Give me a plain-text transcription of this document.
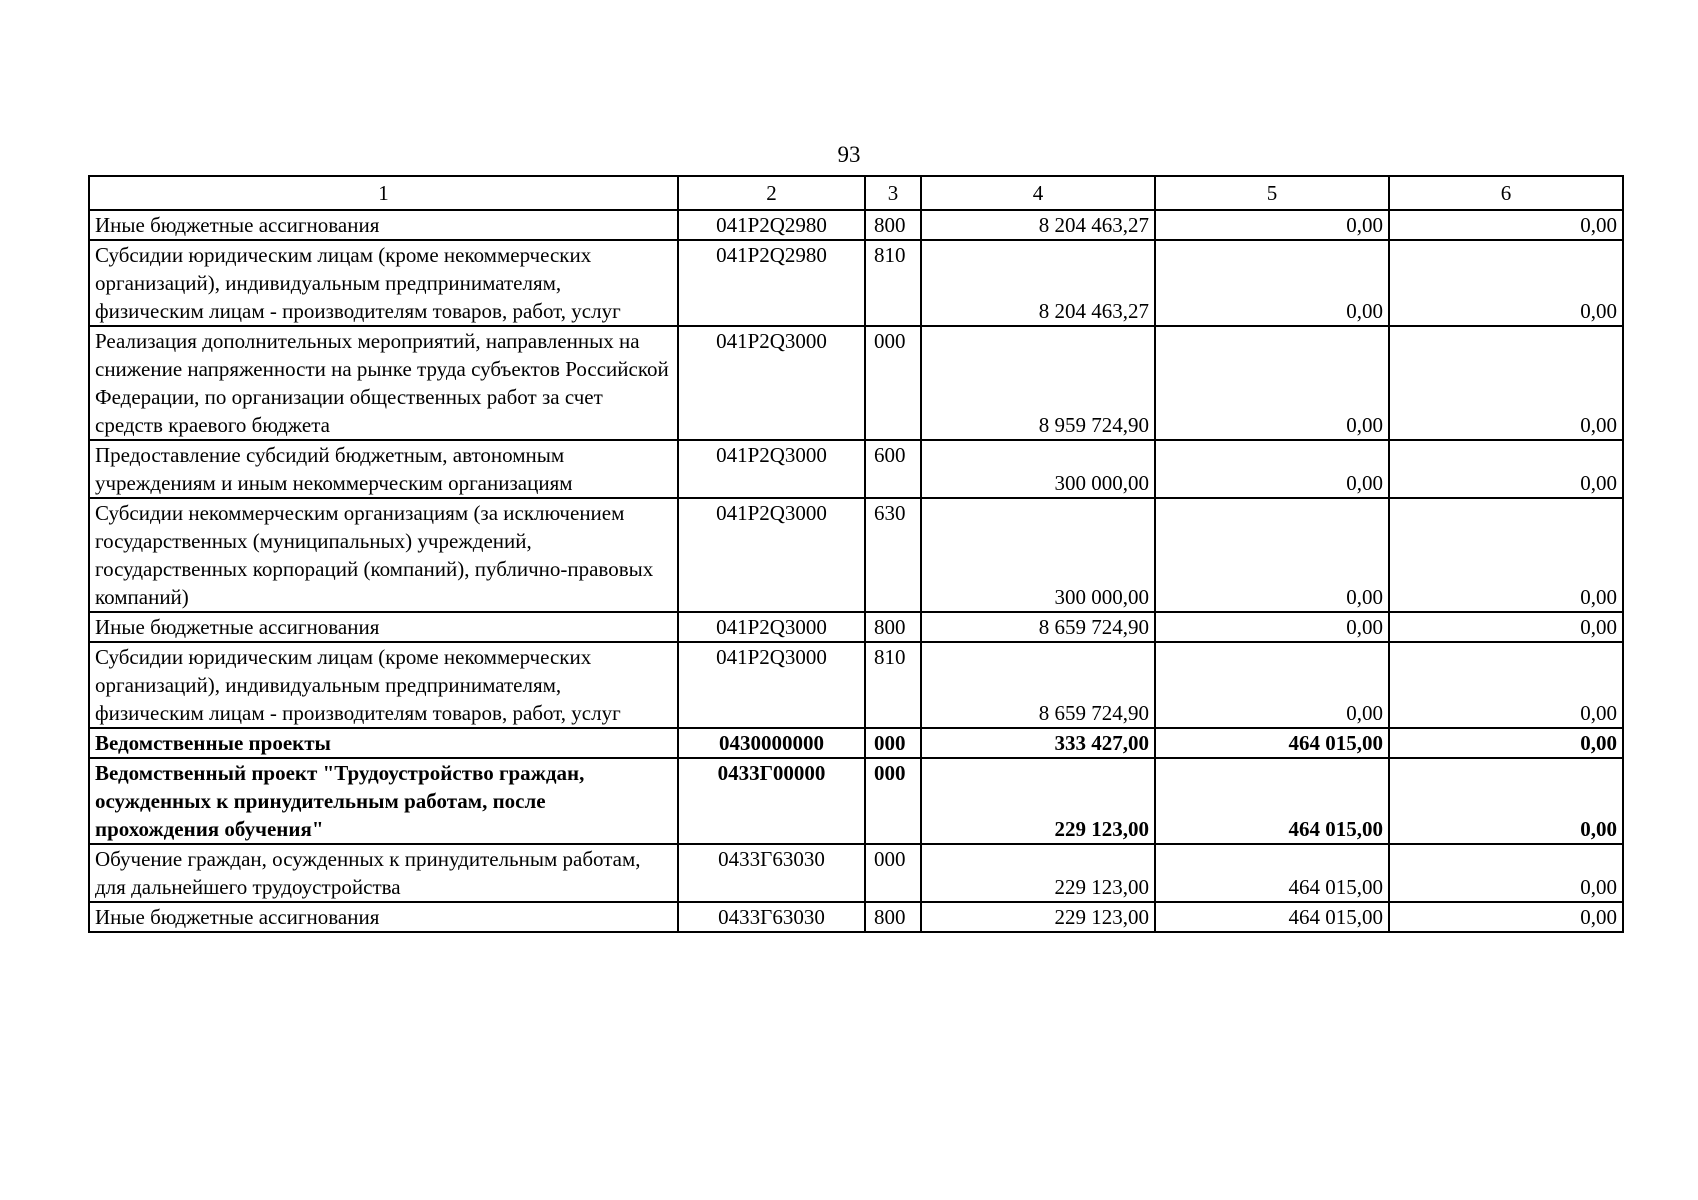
93
1	2	3	4	5	6
Иные бюджетные ассигнования	041P2Q2980	800	8 204 463,27	0,00	0,00
Субсидии юридическим лицам (кроме некоммерческих организаций), индивидуальным предпринимателям, физическим лицам - производителям товаров, работ, услуг	041P2Q2980	810	8 204 463,27	0,00	0,00
Реализация дополнительных мероприятий, направленных на снижение напряженности на рынке труда субъектов Российской Федерации, по организации общественных работ за счет средств краевого бюджета	041P2Q3000	000	8 959 724,90	0,00	0,00
Предоставление субсидий бюджетным, автономным учреждениям и иным некоммерческим организациям	041P2Q3000	600	300 000,00	0,00	0,00
Субсидии некоммерческим организациям (за исключением государственных (муниципальных) учреждений, государственных корпораций (компаний), публично-правовых компаний)	041P2Q3000	630	300 000,00	0,00	0,00
Иные бюджетные ассигнования	041P2Q3000	800	8 659 724,90	0,00	0,00
Субсидии юридическим лицам (кроме некоммерческих организаций), индивидуальным предпринимателям, физическим лицам - производителям товаров, работ, услуг	041P2Q3000	810	8 659 724,90	0,00	0,00
Ведомственные проекты	0430000000	000	333 427,00	464 015,00	0,00
Ведомственный проект "Трудоустройство граждан, осужденных к принудительным работам, после прохождения обучения"	0433Г00000	000	229 123,00	464 015,00	0,00
Обучение граждан, осужденных к принудительным работам, для дальнейшего трудоустройства	0433Г63030	000	229 123,00	464 015,00	0,00
Иные бюджетные ассигнования	0433Г63030	800	229 123,00	464 015,00	0,00
